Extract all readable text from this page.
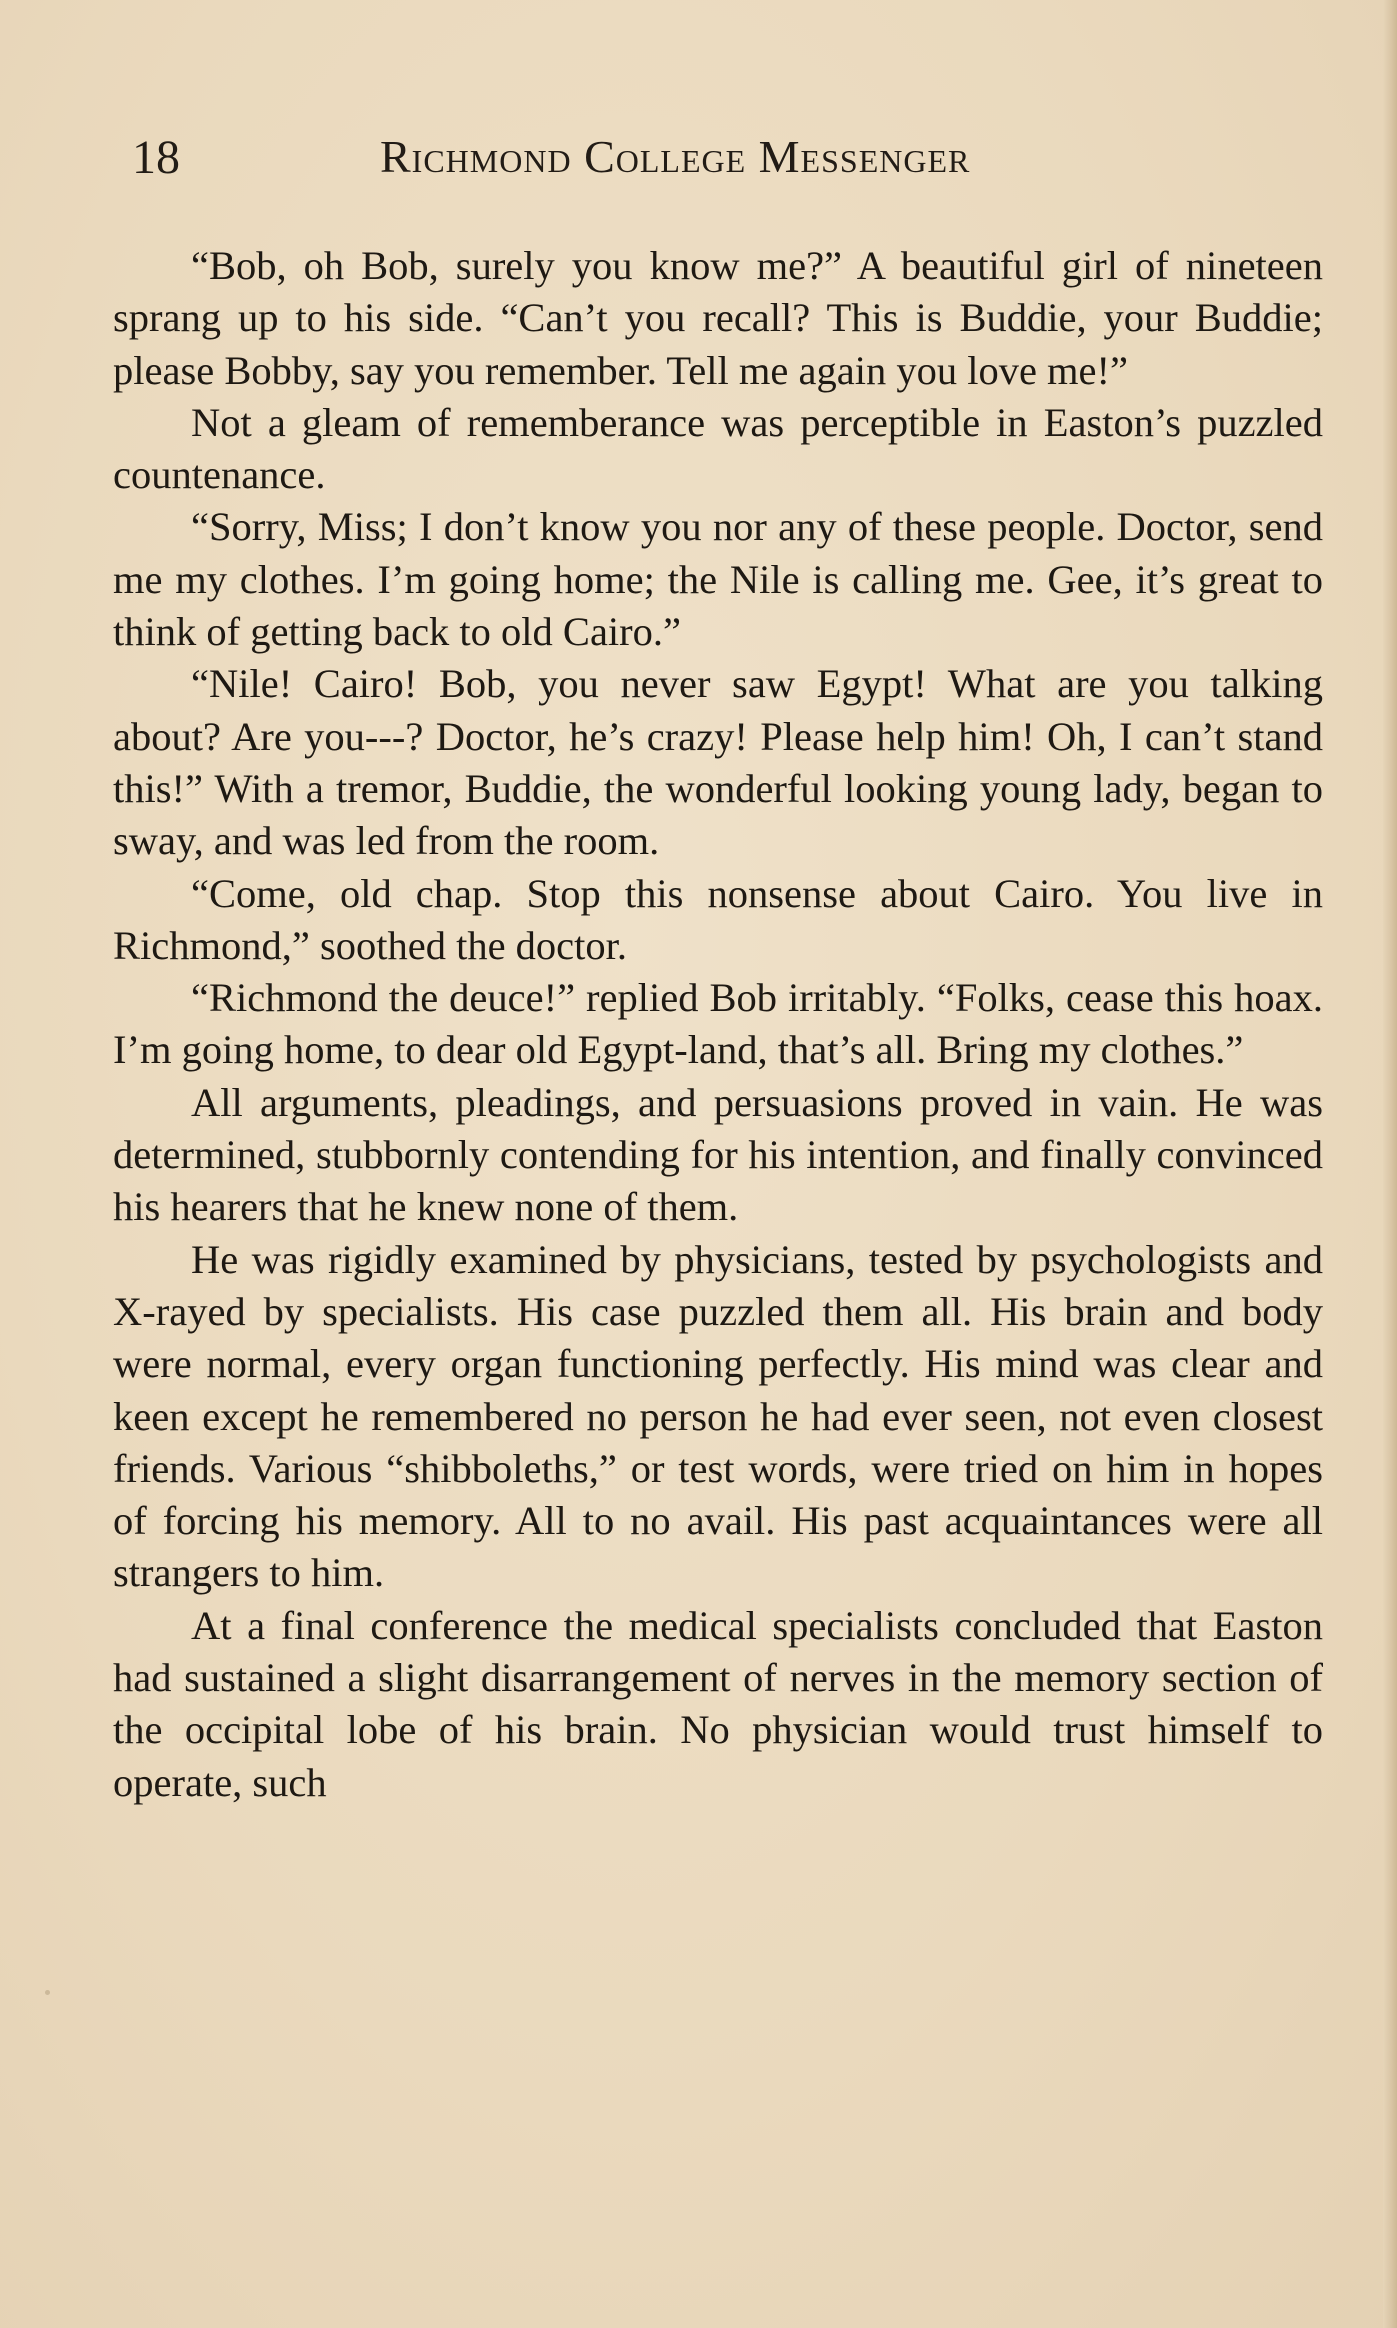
18	Richmond College Messenger

“Bob, oh Bob, surely you know me?” A beautiful girl of nineteen sprang up to his side. “Can’t you recall? This is Buddie, your Buddie; please Bobby, say you remember. Tell me again you love me!”

Not a gleam of rememberance was perceptible in Easton’s puzzled countenance.

“Sorry, Miss; I don’t know you nor any of these people. Doctor, send me my clothes. I’m going home; the Nile is calling me. Gee, it’s great to think of getting back to old Cairo.”

“Nile! Cairo! Bob, you never saw Egypt! What are you talking about? Are you---? Doctor, he’s crazy! Please help him! Oh, I can’t stand this!” With a tremor, Buddie, the wonderful looking young lady, began to sway, and was led from the room.

“Come, old chap. Stop this nonsense about Cairo. You live in Richmond,” soothed the doctor.

“Richmond the deuce!” replied Bob irritably. “Folks, cease this hoax. I’m going home, to dear old Egypt-land, that’s all. Bring my clothes.”

All arguments, pleadings, and persuasions proved in vain. He was determined, stubbornly contending for his intention, and finally convinced his hearers that he knew none of them.

He was rigidly examined by physicians, tested by psychologists and X-rayed by specialists. His case puzzled them all. His brain and body were normal, every organ functioning perfectly. His mind was clear and keen except he remembered no person he had ever seen, not even closest friends. Various “shibboleths,” or test words, were tried on him in hopes of forcing his memory. All to no avail. His past acquaintances were all strangers to him.

At a final conference the medical specialists concluded that Easton had sustained a slight disarrangement of nerves in the memory section of the occipital lobe of his brain. No physician would trust himself to operate, such
